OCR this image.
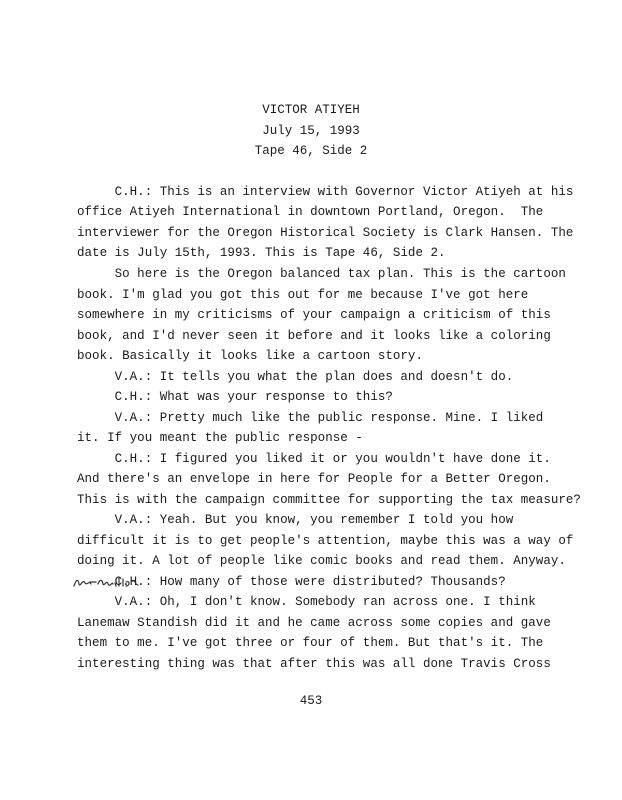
VICTOR ATIYEH
July 15, 1993
Tape 46, Side 2
C.H.: This is an interview with Governor Victor Atiyeh at his
office Atiyeh International in downtown Portland, Oregon.  The
interviewer for the Oregon Historical Society is Clark Hansen. The
date is July 15th, 1993. This is Tape 46, Side 2.
So here is the Oregon balanced tax plan. This is the cartoon
book. I'm glad you got this out for me because I've got here
somewhere in my criticisms of your campaign a criticism of this
book, and I'd never seen it before and it looks like a coloring
book. Basically it looks like a cartoon story.
V.A.: It tells you what the plan does and doesn't do.
C.H.: What was your response to this?
V.A.: Pretty much like the public response. Mine. I liked
it. If you meant the public response -
C.H.: I figured you liked it or you wouldn't have done it.
And there's an envelope in here for People for a Better Oregon.
This is with the campaign committee for supporting the tax measure?
V.A.: Yeah. But you know, you remember I told you how
difficult it is to get people's attention, maybe this was a way of
doing it. A lot of people like comic books and read them. Anyway.
C.H.: How many of those were distributed? Thousands?
V.A.: Oh, I don't know. Somebody ran across one. I think
Lanemaw Standish did it and he came across some copies and gave
them to me. I've got three or four of them. But that's it. The
interesting thing was that after this was all done Travis Cross
453
